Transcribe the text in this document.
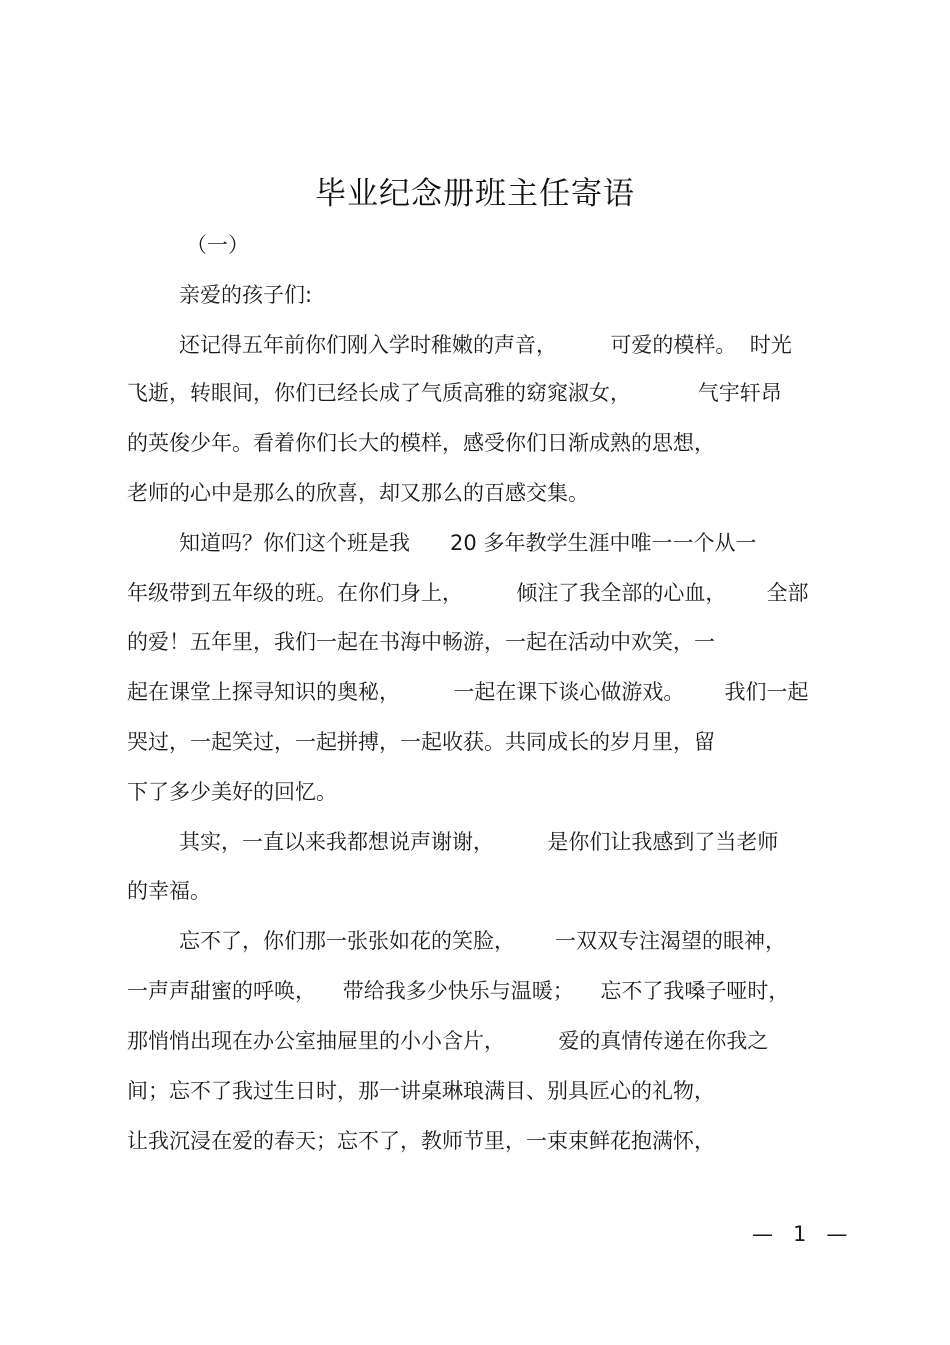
毕业纪念册班主任寄语
（一）
亲爱的孩子们:
还记得五年前你们刚入学时稚嫩的声音，        可爱的模样。  时光
飞逝，转眼间，你们已经长成了气质高雅的窈窕淑女，          气宇轩昂
的英俊少年。看着你们长大的模样，感受你们日渐成熟的思想，
老师的心中是那么的欣喜，却又那么的百感交集。
知道吗？你们这个班是我      20 多年教学生涯中唯一一个从一
年级带到五年级的班。在你们身上，        倾注了我全部的心血，      全部
的爱！五年里，我们一起在书海中畅游，一起在活动中欢笑，一
起在课堂上探寻知识的奥秘，        一起在课下谈心做游戏。      我们一起
哭过，一起笑过，一起拼搏，一起收获。共同成长的岁月里，留
下了多少美好的回忆。
其实，一直以来我都想说声谢谢，        是你们让我感到了当老师
的幸福。
忘不了，你们那一张张如花的笑脸，      一双双专注渴望的眼神，
一声声甜蜜的呼唤，    带给我多少快乐与温暖；    忘不了我嗓子哑时，
那悄悄出现在办公室抽屉里的小小含片，        爱的真情传递在你我之
间；忘不了我过生日时，那一讲桌琳琅满目、别具匠心的礼物，
让我沉浸在爱的春天；忘不了，教师节里，一束束鲜花抱满怀，
—   1   —
